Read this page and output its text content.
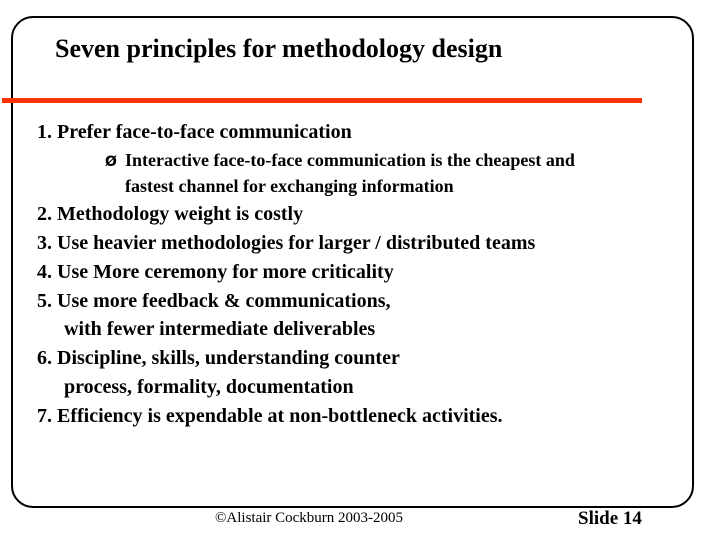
Seven principles for methodology design
1. Prefer face-to-face communication
Ø Interactive face-to-face communication is the cheapest and
fastest channel for exchanging information
2. Methodology weight is costly
3. Use heavier methodologies for larger / distributed teams
4. Use More ceremony for more criticality
5. Use more feedback & communications,
with fewer intermediate deliverables
6. Discipline, skills, understanding counter
process, formality, documentation
7. Efficiency is expendable at non-bottleneck activities.
©Alistair Cockburn 2003-2005	Slide 14
